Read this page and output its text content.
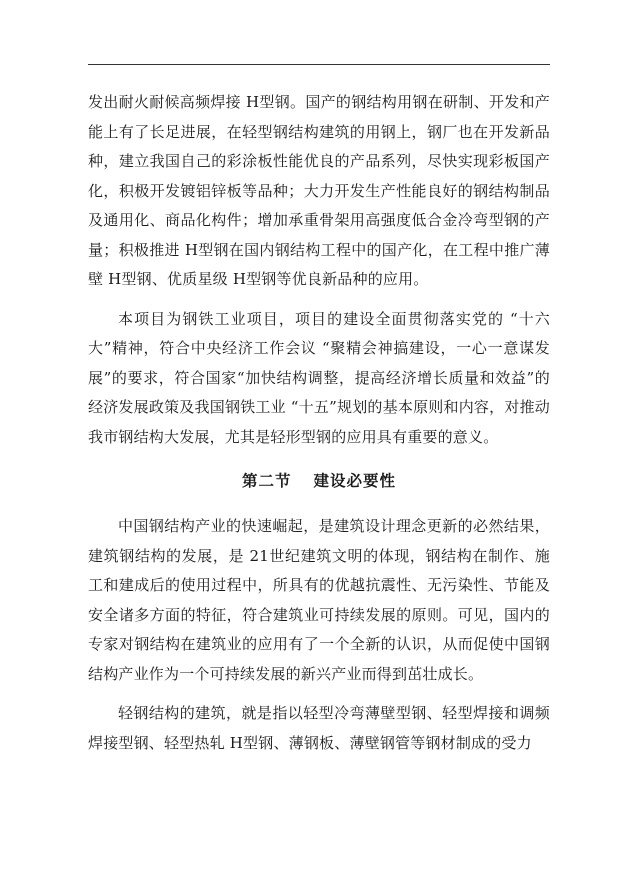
发出耐火耐候高频焊接 H型钢。国产的钢结构用钢在研制、开发和产能上有了长足进展，在轻型钢结构建筑的用钢上，钢厂也在开发新品种，建立我国自己的彩涂板性能优良的产品系列，尽快实现彩板国产化，积极开发镀铝锌板等品种；大力开发生产性能良好的钢结构制品及通用化、商品化构件；增加承重骨架用高强度低合金冷弯型钢的产量；积极推进 H型钢在国内钢结构工程中的国产化，在工程中推广薄壁 H型钢、优质星级 H型钢等优良新品种的应用。

本项目为钢铁工业项目，项目的建设全面贯彻落实党的 “十六大”精神，符合中央经济工作会议 “聚精会神搞建设，一心一意谋发展”的要求，符合国家“加快结构调整，提高经济增长质量和效益”的经济发展政策及我国钢铁工业 “十五”规划的基本原则和内容，对推动我市钢结构大发展，尤其是轻形型钢的应用具有重要的意义。

第二节 建设必要性

中国钢结构产业的快速崛起，是建筑设计理念更新的必然结果，建筑钢结构的发展，是 21世纪建筑文明的体现，钢结构在制作、施工和建成后的使用过程中，所具有的优越抗震性、无污染性、节能及安全诸多方面的特征，符合建筑业可持续发展的原则。可见，国内的专家对钢结构在建筑业的应用有了一个全新的认识，从而促使中国钢结构产业作为一个可持续发展的新兴产业而得到茁壮成长。

轻钢结构的建筑，就是指以轻型冷弯薄壁型钢、轻型焊接和调频焊接型钢、轻型热轧 H型钢、薄钢板、薄壁钢管等钢材制成的受力
